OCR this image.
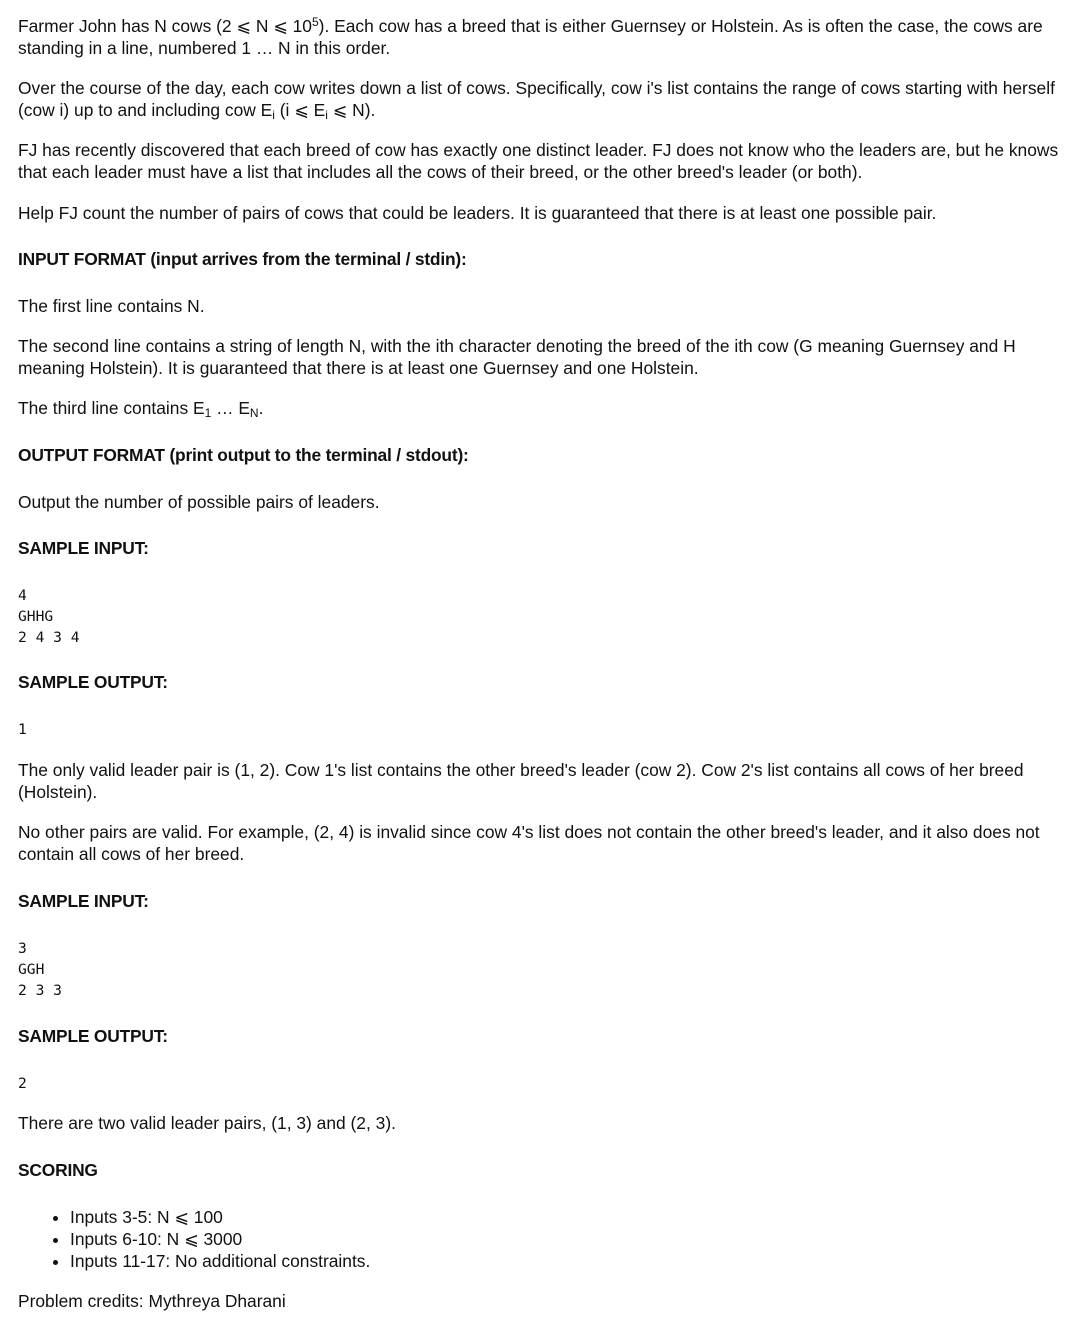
Farmer John has N cows (2 ⩽ N ⩽ $10^5$). Each cow has a breed that is either Guernsey or Holstein. As is often the case, the cows are standing in a line, numbered 1 … N in this order.

Over the course of the day, each cow writes down a list of cows. Specifically, cow i's list contains the range of cows starting with herself (cow i) up to and including cow $E_i$ (i ⩽ $E_i$ ⩽ N).

FJ has recently discovered that each breed of cow has exactly one distinct leader. FJ does not know who the leaders are, but he knows that each leader must have a list that includes all the cows of their breed, or the other breed's leader (or both).

Help FJ count the number of pairs of cows that could be leaders. It is guaranteed that there is at least one possible pair.

INPUT FORMAT (input arrives from the terminal / stdin):
The first line contains N.
The second line contains a string of length N, with the ith character denoting the breed of the ith cow (G meaning Guernsey and H meaning Holstein). It is guaranteed that there is at least one Guernsey and one Holstein.
The third line contains $E_1$ … $E_N$.
OUTPUT FORMAT (print output to the terminal / stdout):
Output the number of possible pairs of leaders.
SAMPLE INPUT:
4
GHHG
2 4 3 4
SAMPLE OUTPUT:
1
The only valid leader pair is (1, 2). Cow 1's list contains the other breed's leader (cow 2). Cow 2's list contains all cows of her breed (Holstein).
No other pairs are valid. For example, (2, 4) is invalid since cow 4's list does not contain the other breed's leader, and it also does not contain all cows of her breed.
SAMPLE INPUT:
3
GGH
2 3 3
SAMPLE OUTPUT:
2
There are two valid leader pairs, (1, 3) and (2, 3).
SCORING
• Inputs 3-5: N ⩽ 100
• Inputs 6-10: N ⩽ 3000
• Inputs 11-17: No additional constraints.
Problem credits: Mythreya Dharani
